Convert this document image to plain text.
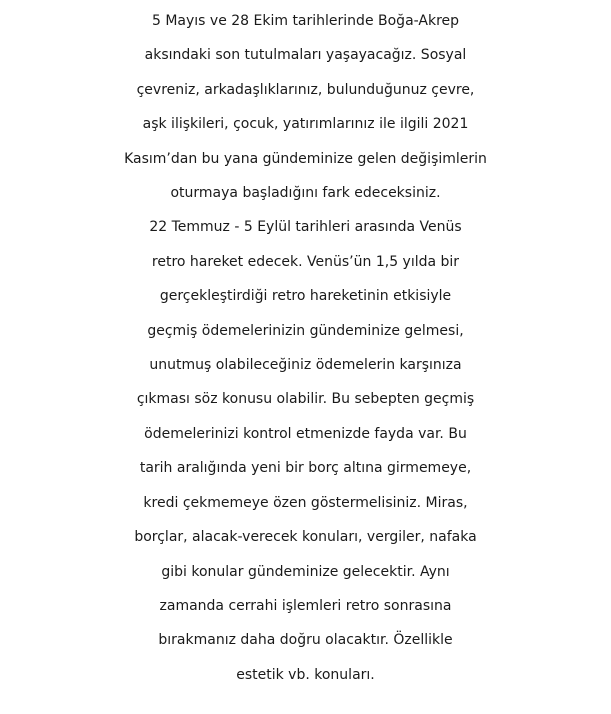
5 Mayıs ve 28 Ekim tarihlerinde Boğa-Akrep
aksındaki son tutulmaları yaşayacağız. Sosyal
çevreniz, arkadaşlıklarınız, bulunduğunuz çevre,
aşk ilişkileri, çocuk, yatırımlarınız ile ilgili 2021
Kasım’dan bu yana gündeminize gelen değişimlerin
oturmaya başladığını fark edeceksiniz.
22 Temmuz - 5 Eylül tarihleri arasında Venüs
retro hareket edecek. Venüs’ün 1,5 yılda bir
gerçekleştirdiği retro hareketinin etkisiyle
geçmiş ödemelerinizin gündeminize gelmesi,
unutmuş olabileceğiniz ödemelerin karşınıza
çıkması söz konusu olabilir. Bu sebepten geçmiş
ödemelerinizi kontrol etmenizde fayda var. Bu
tarih aralığında yeni bir borç altına girmemeye,
kredi çekmemeye özen göstermelisiniz. Miras,
borçlar, alacak-verecek konuları, vergiler, nafaka
gibi konular gündeminize gelecektir. Aynı
zamanda cerrahi işlemleri retro sonrasına
bırakmanız daha doğru olacaktır. Özellikle
estetik vb. konuları.
